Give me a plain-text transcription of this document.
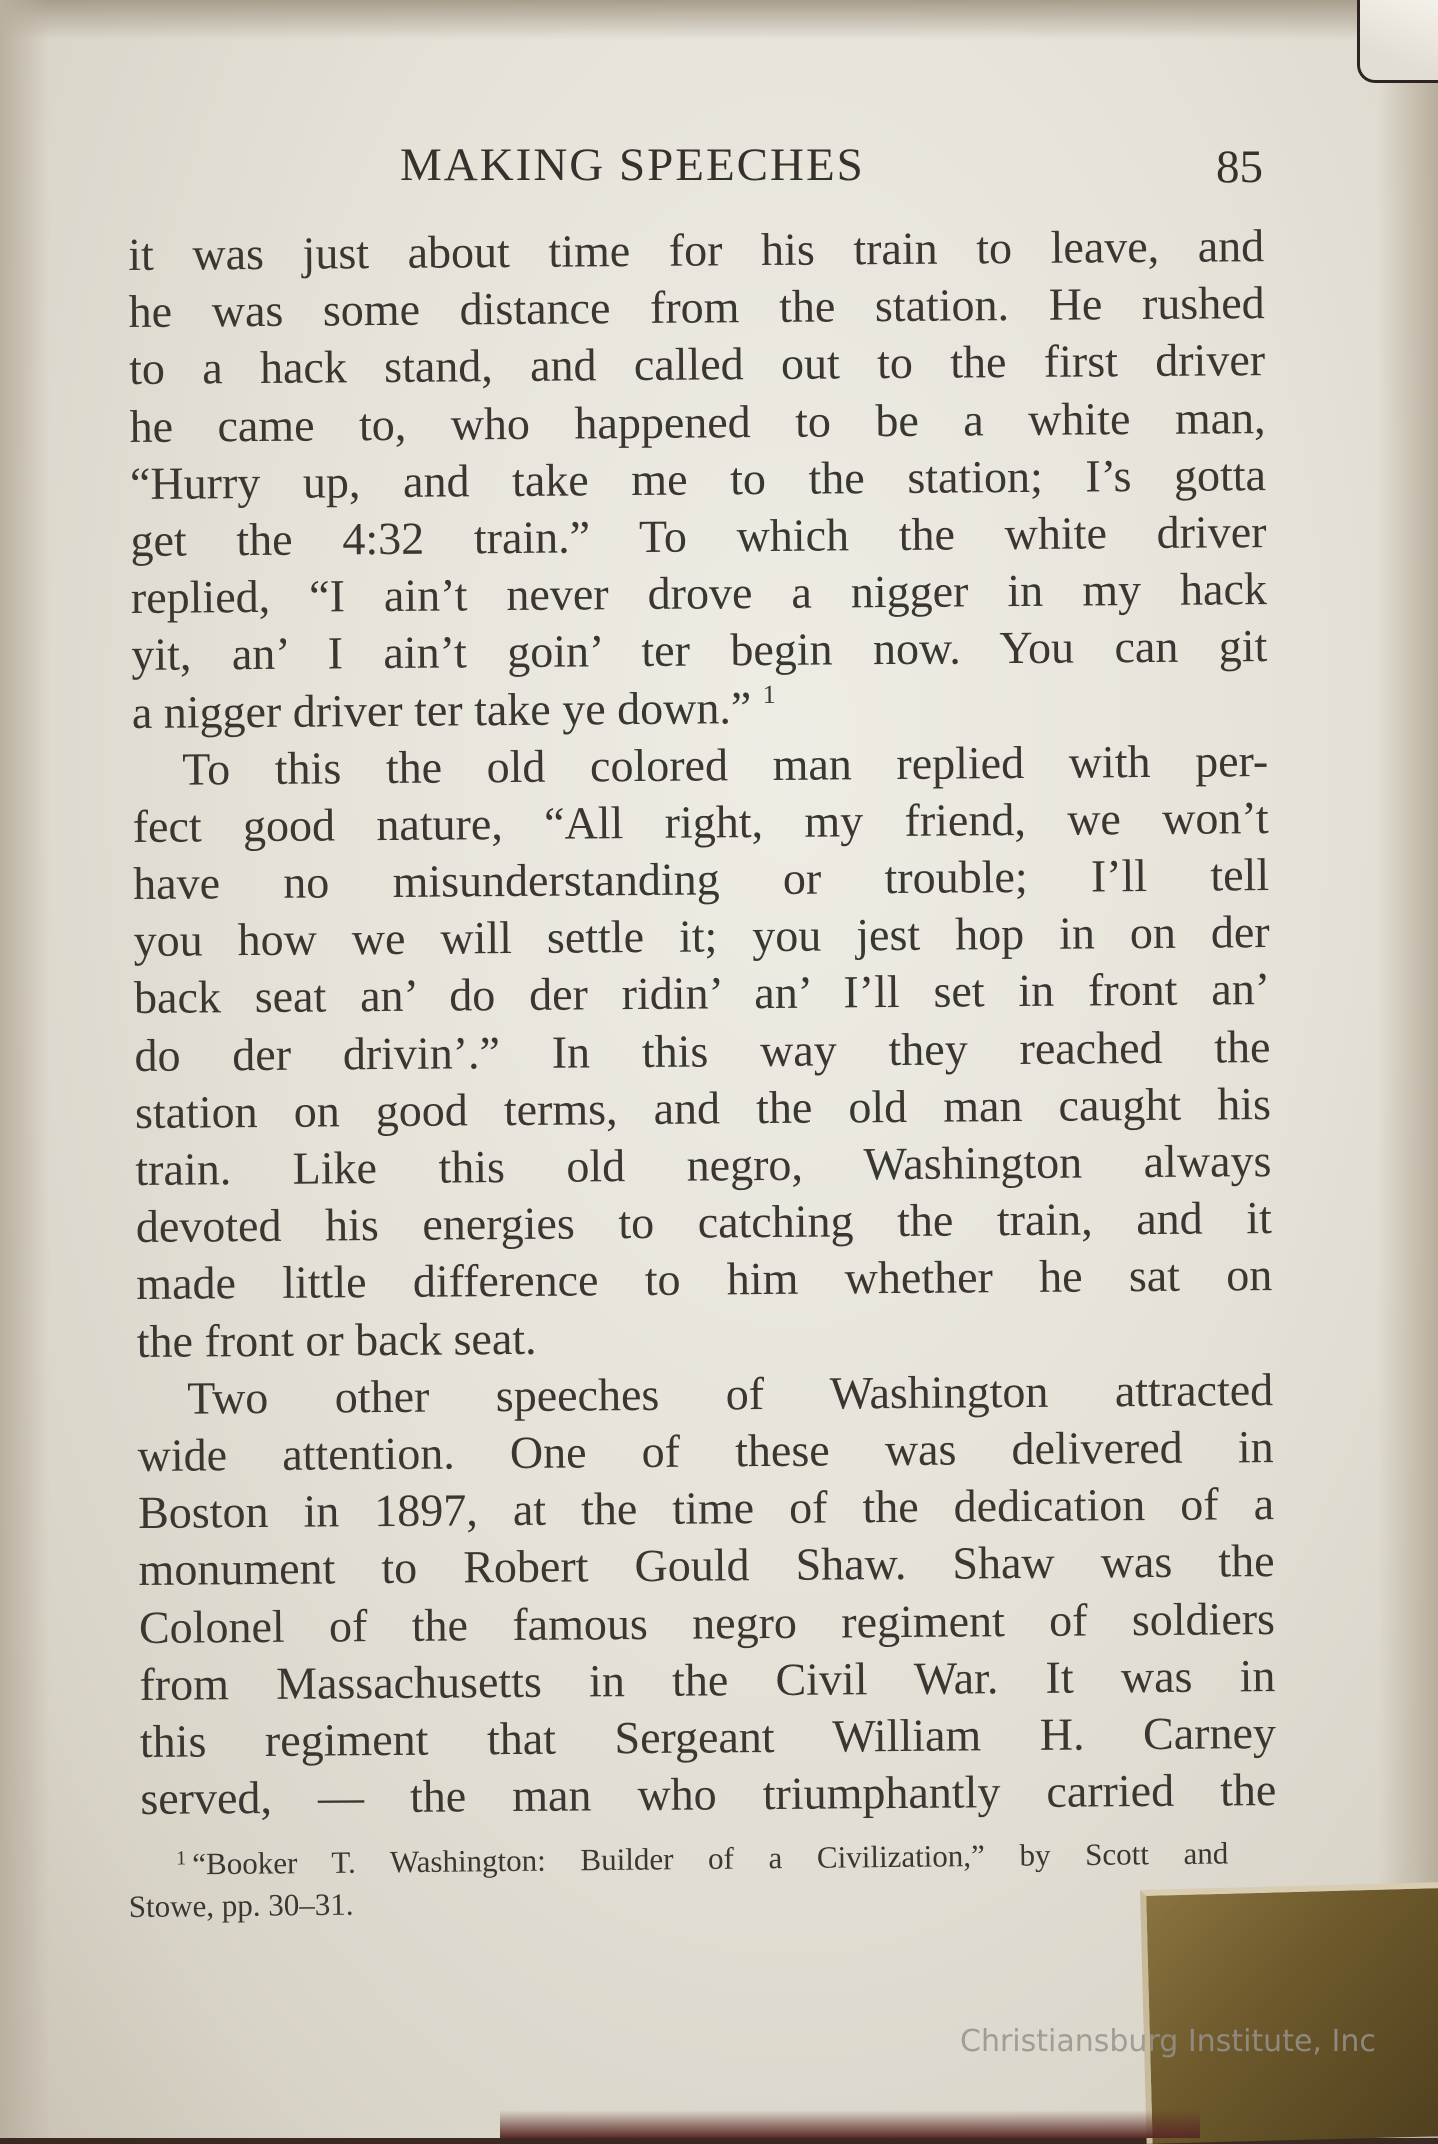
MAKING SPEECHES	85
it was just about time for his train to leave, and
he was some distance from the station. He rushed
to a hack stand, and called out to the first driver
he came to, who happened to be a white man,
“Hurry up, and take me to the station; I’s gotta
get the 4:32 train.” To which the white driver
replied, “I ain’t never drove a nigger in my hack
yit, an’ I ain’t goin’ ter begin now. You can git
a nigger driver ter take ye down.” $^1$
To this the old colored man replied with per-
fect good nature, “All right, my friend, we won’t
have no misunderstanding or trouble; I’ll tell
you how we will settle it; you jest hop in on der
back seat an’ do der ridin’ an’ I’ll set in front an’
do der drivin’.” In this way they reached the
station on good terms, and the old man caught his
train. Like this old negro, Washington always
devoted his energies to catching the train, and it
made little difference to him whether he sat on
the front or back seat.
Two other speeches of Washington attracted
wide attention. One of these was delivered in
Boston in 1897, at the time of the dedication of a
monument to Robert Gould Shaw. Shaw was the
Colonel of the famous negro regiment of soldiers
from Massachusetts in the Civil War. It was in
this regiment that Sergeant William H. Carney
served, — the man who triumphantly carried the
$^1$ “Booker T. Washington: Builder of a Civilization,” by Scott and
Stowe, pp. 30–31.
Christiansburg Institute, Inc
